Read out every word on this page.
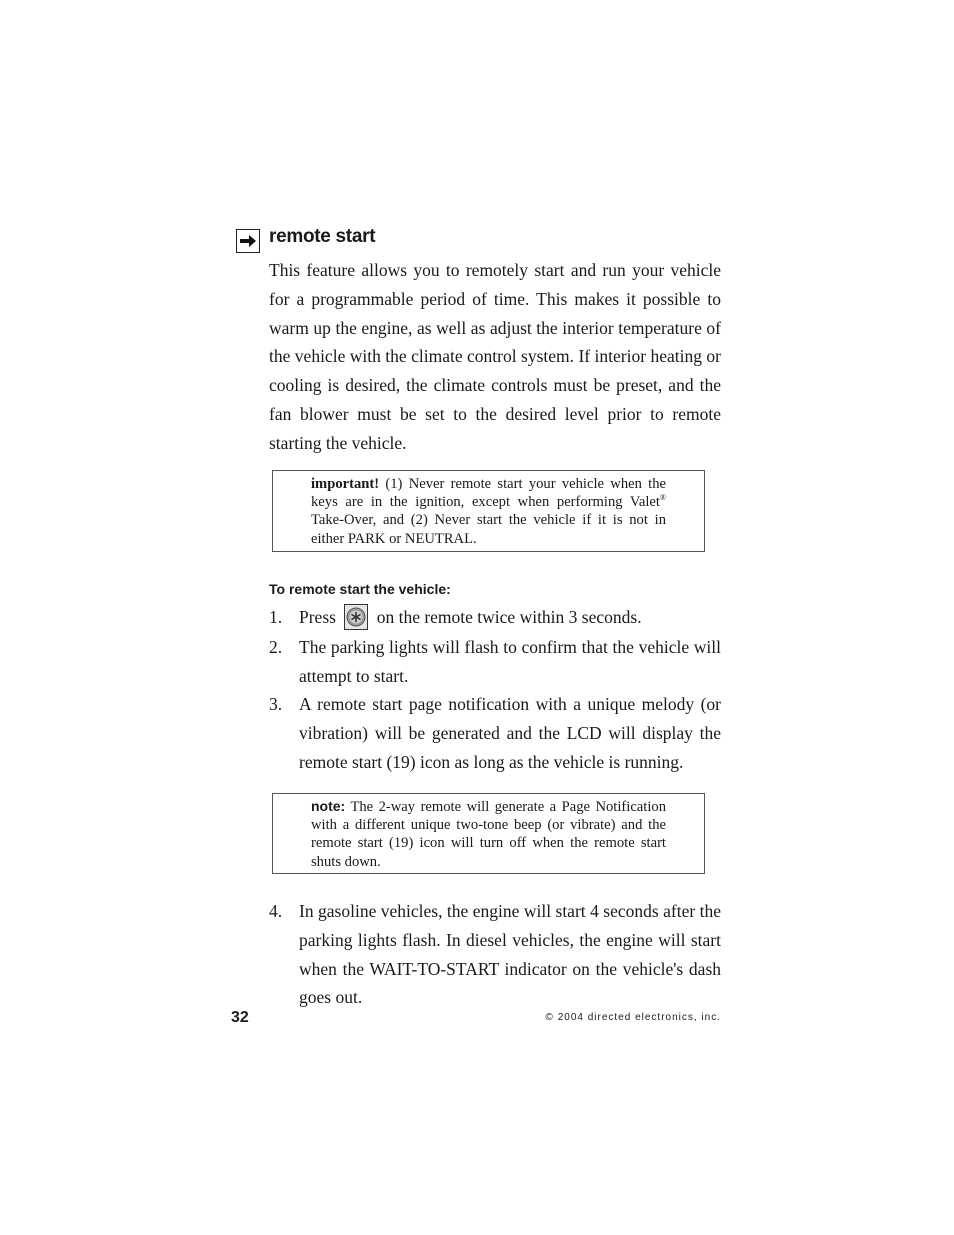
remote start

This feature allows you to remotely start and run your vehicle for a programmable period of time. This makes it possible to warm up the engine, as well as adjust the interior temperature of the vehicle with the climate control system. If interior heating or cooling is desired, the climate controls must be preset, and the fan blower must be set to the desired level prior to remote starting the vehicle.

important! (1) Never remote start your vehicle when the keys are in the ignition, except when performing Valet® Take-Over, and (2) Never start the vehicle if it is not in either PARK or NEUTRAL.

To remote start the vehicle:
1. Press on the remote twice within 3 seconds.
2. The parking lights will flash to confirm that the vehicle will attempt to start.
3. A remote start page notification with a unique melody (or vibration) will be generated and the LCD will display the remote start (19) icon as long as the vehicle is running.

note: The 2-way remote will generate a Page Notification with a different unique two-tone beep (or vibrate) and the remote start (19) icon will turn off when the remote start shuts down.

4. In gasoline vehicles, the engine will start 4 seconds after the parking lights flash. In diesel vehicles, the engine will start when the WAIT-TO-START indicator on the vehicle's dash goes out.
32	© 2004 directed electronics, inc.
